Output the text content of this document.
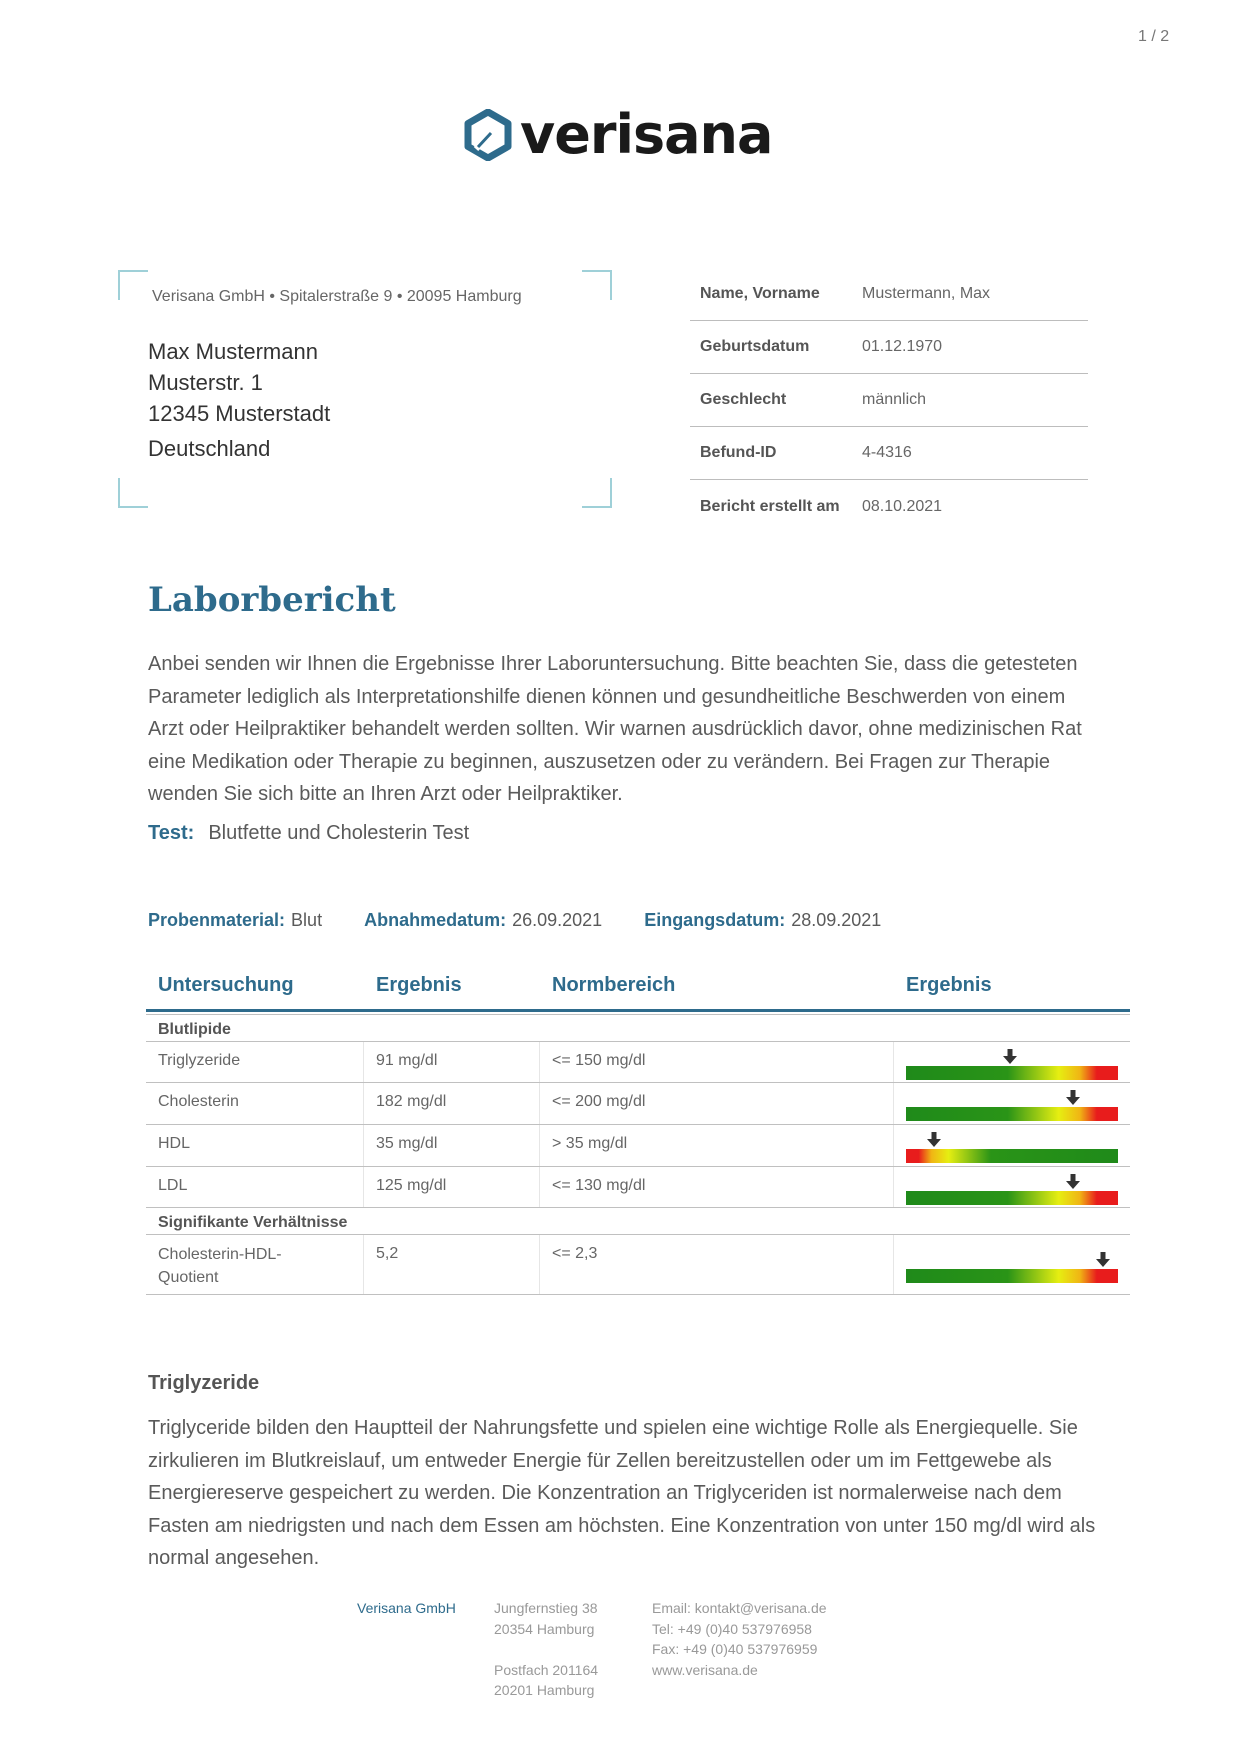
1 / 2
verisana
Verisana GmbH • Spitalerstraße 9 • 20095 Hamburg
Max Mustermann
Musterstr. 1
12345 Musterstadt
Deutschland
Name, Vorname	Mustermann, Max
Geburtsdatum	01.12.1970
Geschlecht	männlich
Befund-ID	4-4316
Bericht erstellt am	08.10.2021
Laborbericht

Anbei senden wir Ihnen die Ergebnisse Ihrer Laboruntersuchung. Bitte beachten Sie, dass die getesteten Parameter lediglich als Interpretationshilfe dienen können und gesundheitliche Beschwerden von einem Arzt oder Heilpraktiker behandelt werden sollten. Wir warnen ausdrücklich davor, ohne medizinischen Rat eine Medikation oder Therapie zu beginnen, auszusetzen oder zu verändern. Bei Fragen zur Therapie wenden Sie sich bitte an Ihren Arzt oder Heilpraktiker.

Test: Blutfette und Cholesterin Test
Probenmaterial: Blut Abnahmedatum: 26.09.2021 Eingangsdatum: 28.09.2021
Untersuchung	Ergebnis	Normbereich	Ergebnis
Blutlipide
Triglyzeride	91 mg/dl	<= 150 mg/dl
Cholesterin	182 mg/dl	<= 200 mg/dl
HDL	35 mg/dl	> 35 mg/dl
LDL	125 mg/dl	<= 130 mg/dl
Signifikante Verhältnisse
Cholesterin-HDL-
Quotient
5,2	<= 2,3
Triglyzeride

Triglyceride bilden den Hauptteil der Nahrungsfette und spielen eine wichtige Rolle als Energiequelle. Sie zirkulieren im Blutkreislauf, um entweder Energie für Zellen bereitzustellen oder um im Fettgewebe als Energiereserve gespeichert zu werden. Die Konzentration an Triglyceriden ist normalerweise nach dem Fasten am niedrigsten und nach dem Essen am höchsten. Eine Konzentration von unter 150 mg/dl wird als normal angesehen.

Verisana GmbH	Jungfernstieg 38
20354 Hamburg
Postfach 201164
20201 Hamburg
Email: kontakt@verisana.de
Tel: +49 (0)40 537976958
Fax: +49 (0)40 537976959
www.verisana.de
